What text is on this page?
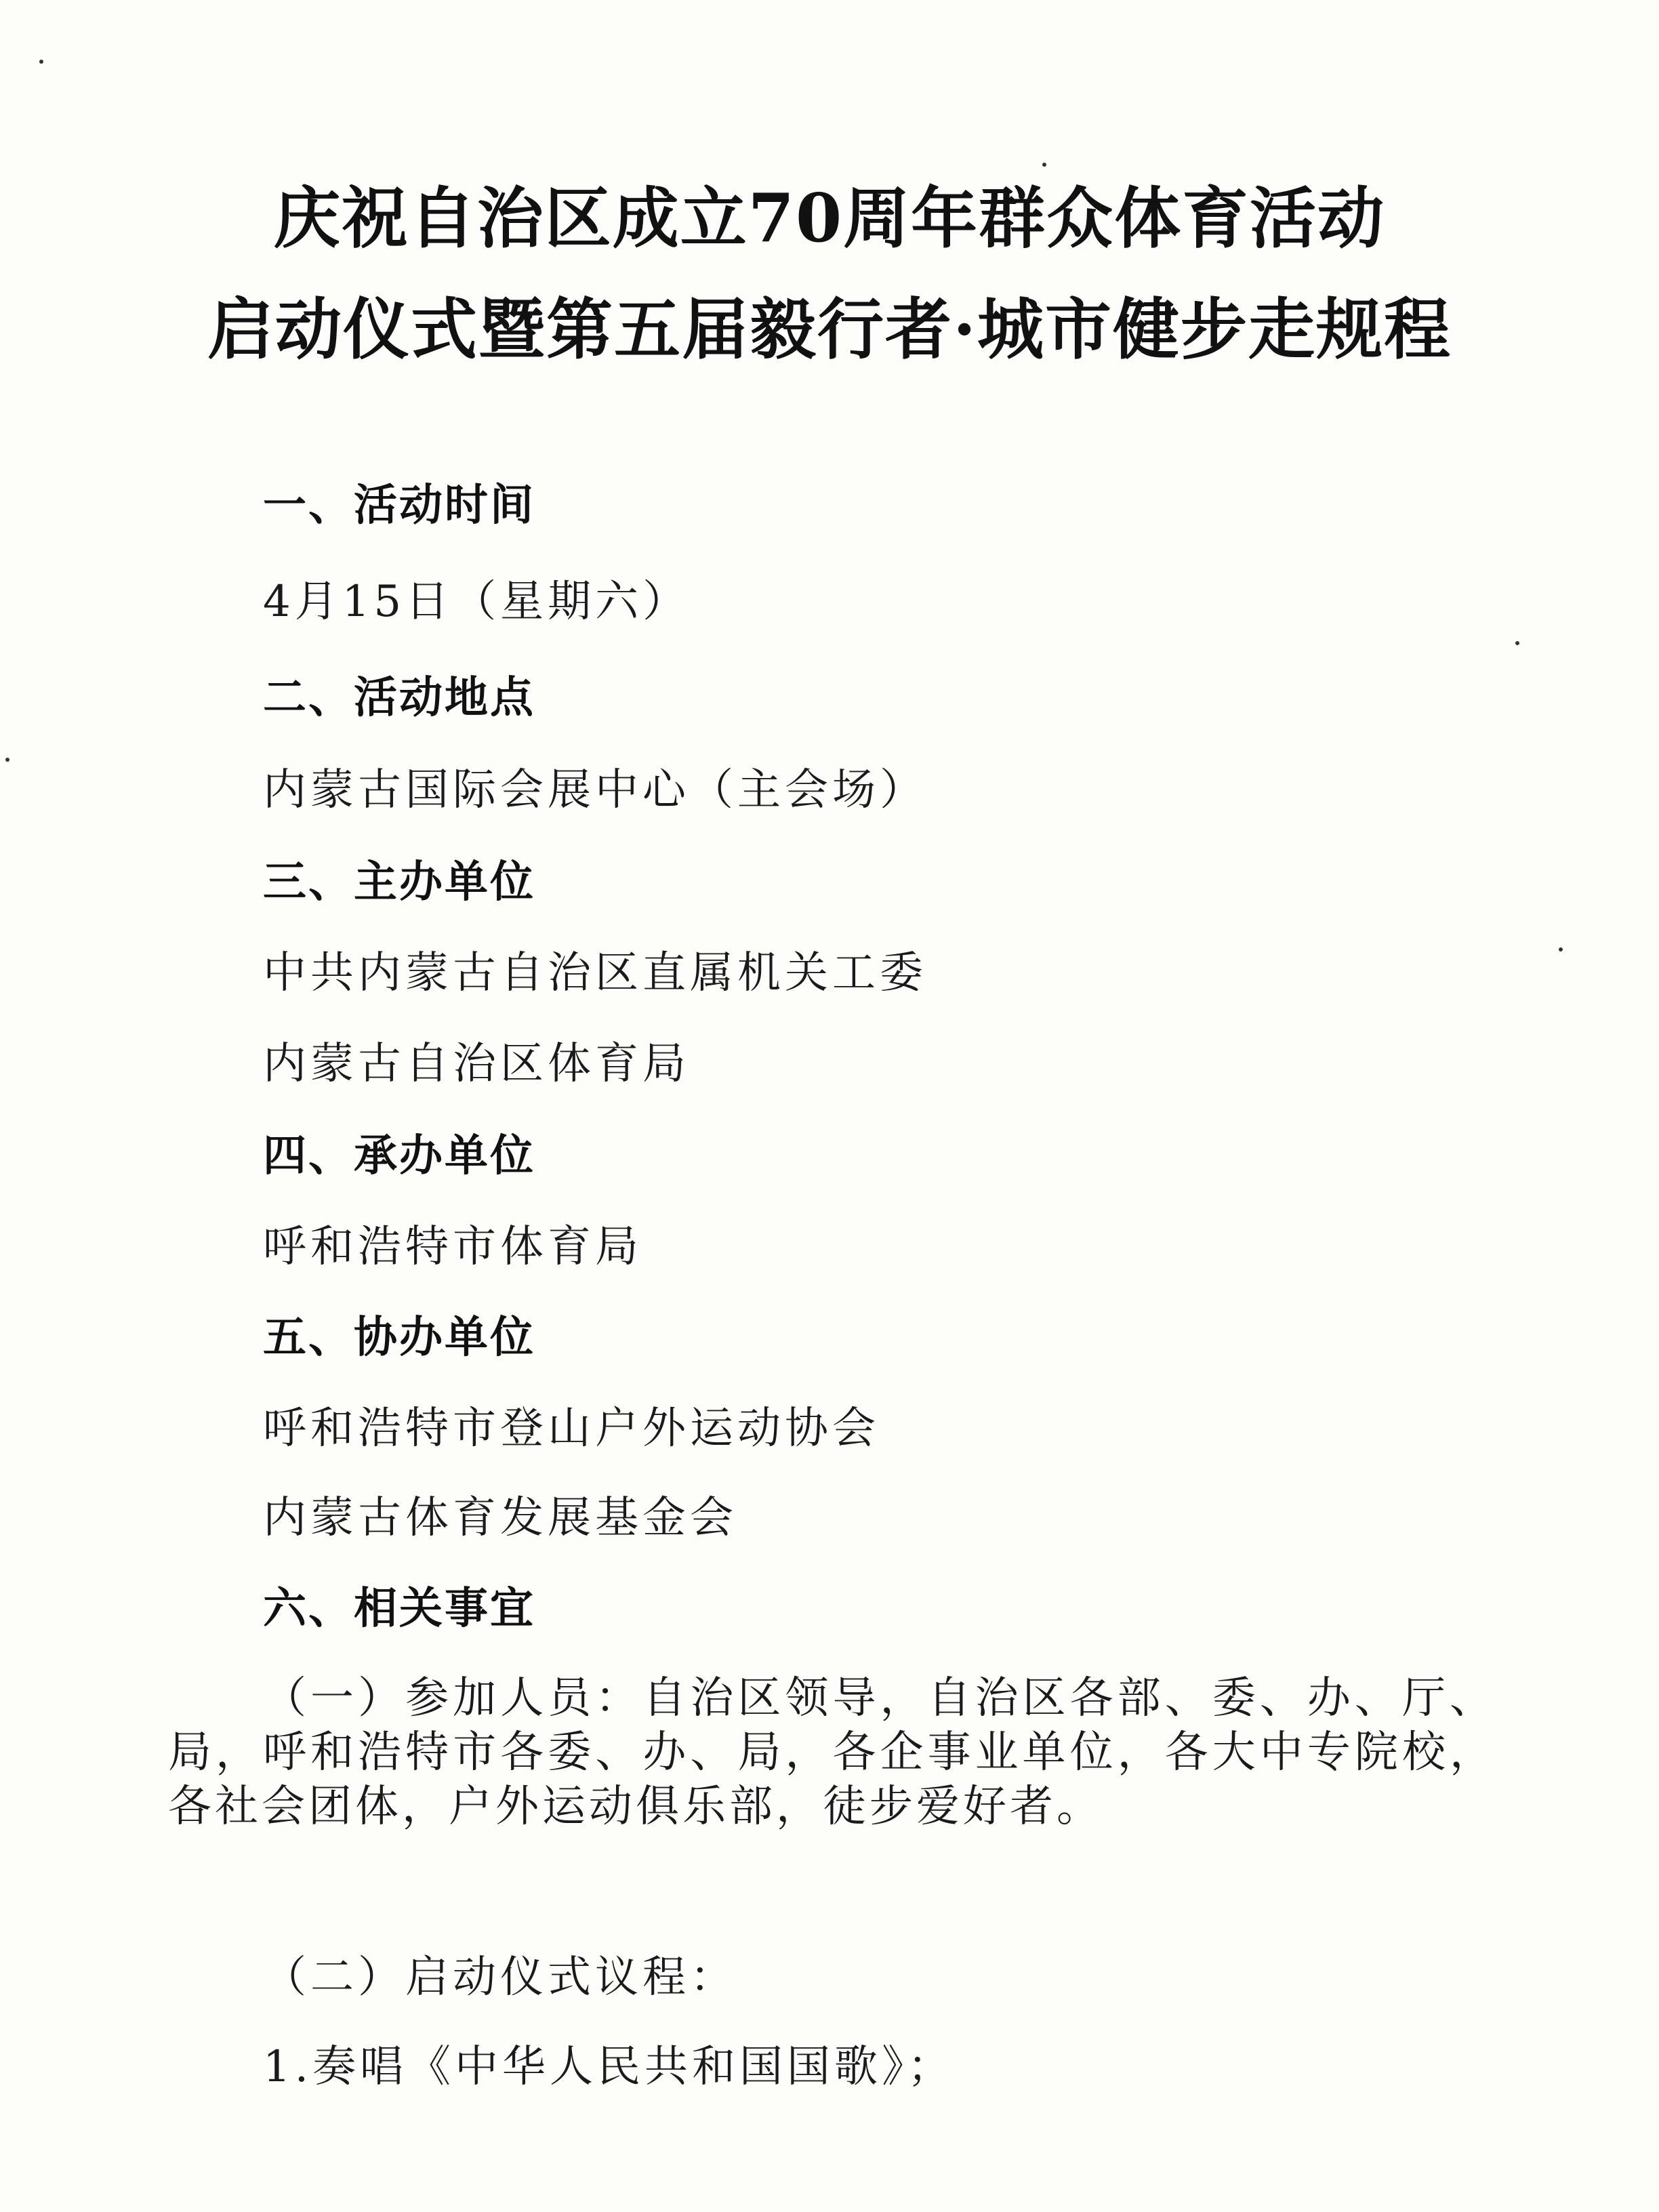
庆祝自治区成立70周年群众体育活动
启动仪式暨第五届毅行者·城市健步走规程
一、活动时间
4月15日（星期六）
二、活动地点
内蒙古国际会展中心（主会场）
三、主办单位
中共内蒙古自治区直属机关工委
内蒙古自治区体育局
四、承办单位
呼和浩特市体育局
五、协办单位
呼和浩特市登山户外运动协会
内蒙古体育发展基金会
六、相关事宜
（一）参加人员：自治区领导，自治区各部、委、办、厅、局，呼和浩特市各委、办、局，各企事业单位，各大中专院校，各社会团体，户外运动俱乐部，徒步爱好者。
（二）启动仪式议程：
1.奏唱《中华人民共和国国歌》；
